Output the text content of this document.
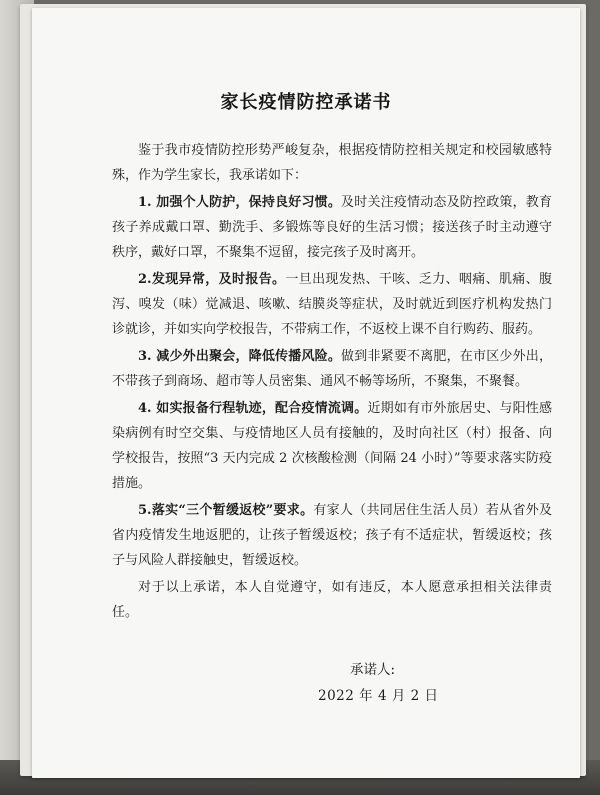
家长疫情防控承诺书

鉴于我市疫情防控形势严峻复杂，根据疫情防控相关规定和校园敏感特殊，作为学生家长，我承诺如下：

1. 加强个人防护，保持良好习惯。及时关注疫情动态及防控政策，教育孩子养成戴口罩、勤洗手、多锻炼等良好的生活习惯；接送孩子时主动遵守秩序，戴好口罩，不聚集不逗留，接完孩子及时离开。

2.发现异常，及时报告。一旦出现发热、干咳、乏力、咽痛、肌痛、腹泻、嗅发（味）觉减退、咳嗽、结膜炎等症状，及时就近到医疗机构发热门诊就诊，并如实向学校报告，不带病工作，不返校上课不自行购药、服药。

3. 减少外出聚会，降低传播风险。做到非紧要不离肥，在市区少外出，不带孩子到商场、超市等人员密集、通风不畅等场所，不聚集，不聚餐。

4. 如实报备行程轨迹，配合疫情流调。近期如有市外旅居史、与阳性感染病例有时空交集、与疫情地区人员有接触的，及时向社区（村）报备、向学校报告，按照“3 天内完成 2 次核酸检测（间隔 24 小时）”等要求落实防疫措施。

5.落实“三个暂缓返校”要求。有家人（共同居住生活人员）若从省外及省内疫情发生地返肥的，让孩子暂缓返校；孩子有不适症状，暂缓返校；孩子与风险人群接触史，暂缓返校。

对于以上承诺，本人自觉遵守，如有违反，本人愿意承担相关法律责任。

承诺人:
2022 年 4 月 2 日
